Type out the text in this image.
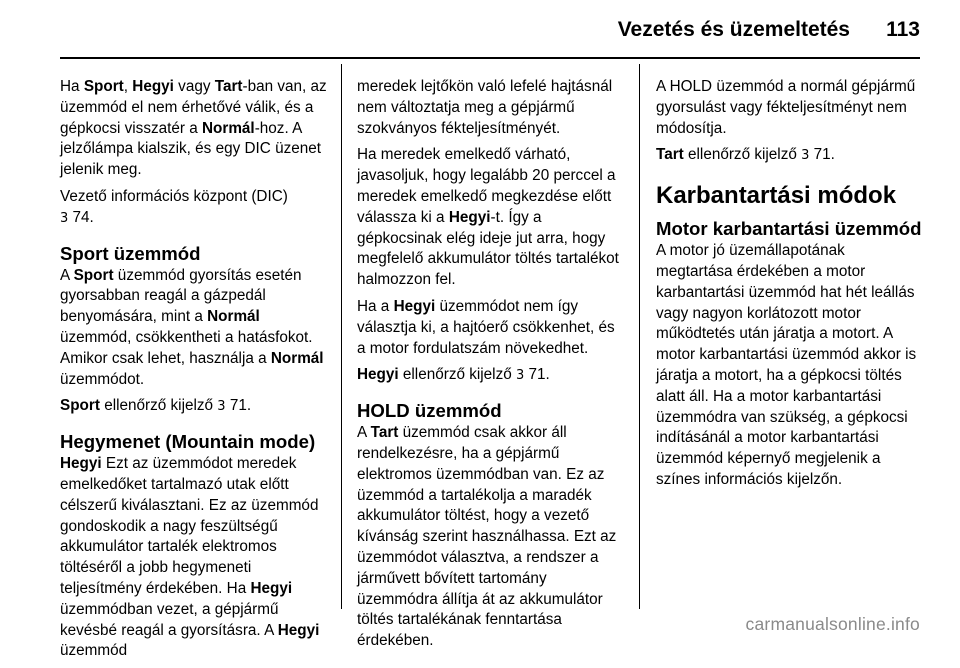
Vezetés és üzemeltetés 113

Ha Sport, Hegyi vagy Tart-ban van, az üzemmód el nem érhetővé válik, és a gépkocsi visszatér a Normál-hoz. A jelzőlámpa kialszik, és egy DIC üzenet jelenik meg.

Vezető információs központ (DIC)
3 74.

Sport üzemmód

A Sport üzemmód gyorsítás esetén gyorsabban reagál a gázpedál benyomására, mint a Normál üzemmód, csökkentheti a hatásfokot. Amikor csak lehet, használja a Normál üzemmódot.

Sport ellenőrző kijelző 3 71.

Hegymenet (Mountain mode)

Hegyi Ezt az üzemmódot meredek emelkedőket tartalmazó utak előtt célszerű kiválasztani. Ez az üzemmód gondoskodik a nagy feszültségű akkumulátor tartalék elektromos töltéséről a jobb hegymeneti teljesítmény érdekében. Ha Hegyi üzemmódban vezet, a gépjármű kevésbé reagál a gyorsításra. A Hegyi üzemmód

meredek lejtőkön való lefelé hajtásnál nem változtatja meg a gépjármű szokványos fékteljesítményét.

Ha meredek emelkedő várható, javasoljuk, hogy legalább 20 perccel a meredek emelkedő megkezdése előtt válassza ki a Hegyi-t. Így a gépkocsinak elég ideje jut arra, hogy megfelelő akkumulátor töltés tartalékot halmozzon fel.

Ha a Hegyi üzemmódot nem így választja ki, a hajtóerő csökkenhet, és a motor fordulatszám növekedhet.

Hegyi ellenőrző kijelző 3 71.

HOLD üzemmód

A Tart üzemmód csak akkor áll rendelkezésre, ha a gépjármű elektromos üzemmódban van. Ez az üzemmód a tartalékolja a maradék akkumulátor töltést, hogy a vezető kívánság szerint használhassa. Ezt az üzemmódot választva, a rendszer a járművett bővített tartomány üzemmódra állítja át az akkumulátor töltés tartalékának fenntartása érdekében.

A HOLD üzemmód a normál gépjármű gyorsulást vagy fékteljesítményt nem módosítja.

Tart ellenőrző kijelző 3 71.

Karbantartási módok
Motor karbantartási üzemmód

A motor jó üzemállapotának megtartása érdekében a motor karbantartási üzemmód hat hét leállás vagy nagyon korlátozott motor működtetés után járatja a motort. A motor karbantartási üzemmód akkor is járatja a motort, ha a gépkocsi töltés alatt áll. Ha a motor karbantartási üzemmódra van szükség, a gépkocsi indításánál a motor karbantartási üzemmód képernyő megjelenik a színes információs kijelzőn.

carmanualsonline.info
